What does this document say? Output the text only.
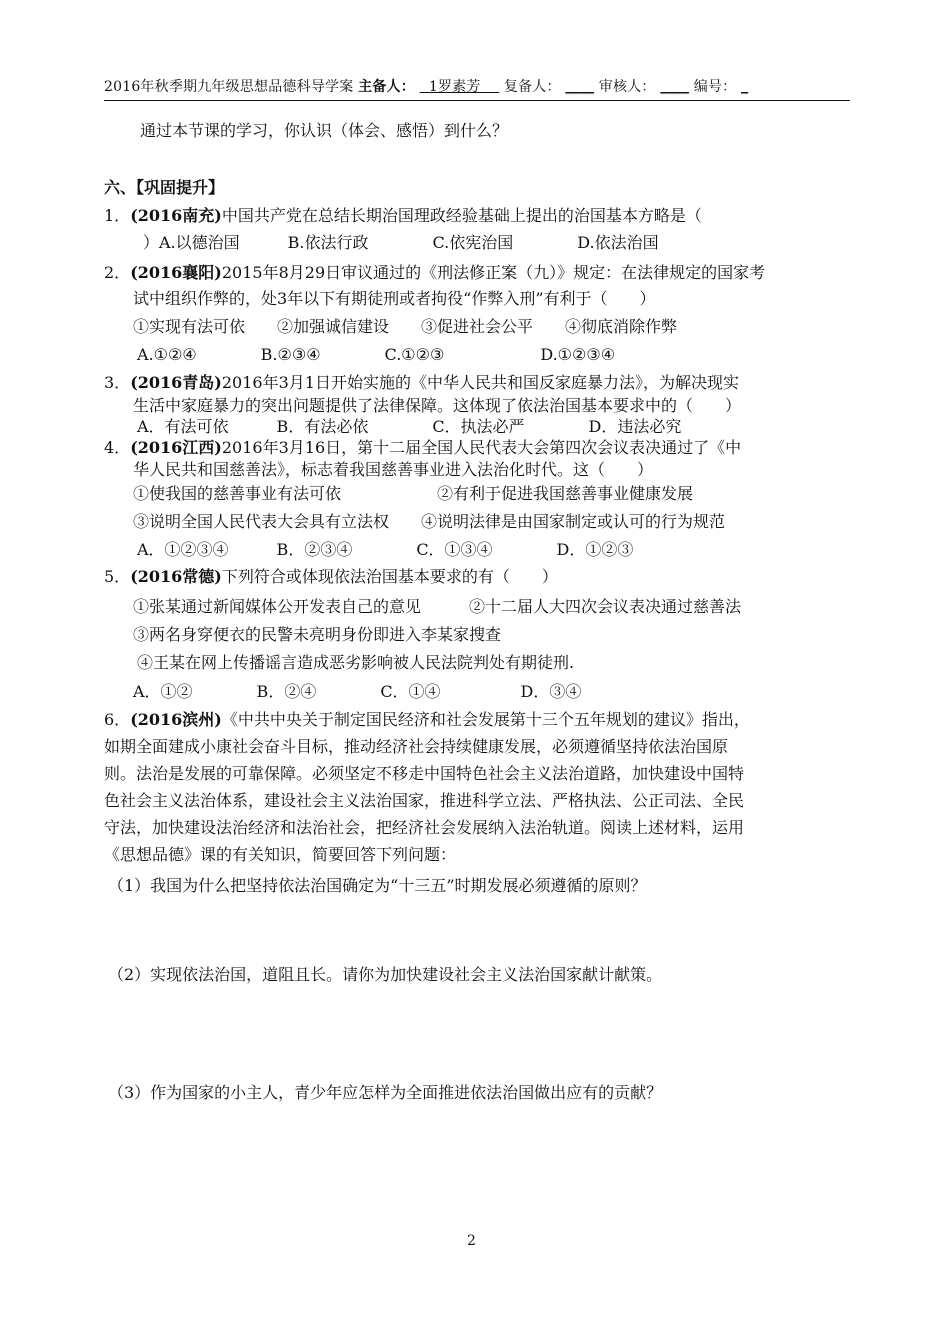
2016年秋季期九年级思想品德科导学案 主备人： 1罗素芳 复备人： ____ 审核人： ____ 编号： _
通过本节课的学习，你认识（体会、感悟）到什么？
六、【巩固提升】
1．(2016南充)中国共产党在总结长期治国理政经验基础上提出的治国基本方略是（
）A.以德治国　　　B.依法行政　　　　C.依宪治国　　　　D.依法治国
2．(2016襄阳)2015年8月29日审议通过的《刑法修正案（九）》规定：在法律规定的国家考
试中组织作弊的，处3年以下有期徒刑或者拘役“作弊入刑”有利于（　　）
①实现有法可依　　②加强诚信建设　　③促进社会公平　　④彻底消除作弊
A.①②④　　　　B.②③④　　　　C.①②③　　　　　　D.①②③④
3．(2016青岛)2016年3月1日开始实施的《中华人民共和国反家庭暴力法》，为解决现实
生活中家庭暴力的突出问题提供了法律保障。这体现了依法治国基本要求中的（　　）
A．有法可依　　　B．有法必依　　　　C．执法必严　　　　D．违法必究
4．(2016江西)2016年3月16日，第十二届全国人民代表大会第四次会议表决通过了《中
华人民共和国慈善法》，标志着我国慈善事业进入法治化时代。这（　　）
①使我国的慈善事业有法可依　　　　　　②有利于促进我国慈善事业健康发展
③说明全国人民代表大会具有立法权　　④说明法律是由国家制定或认可的行为规范
A．①②③④　　　B．②③④　　　　C．①③④　　　　D．①②③
5．(2016常德)下列符合或体现依法治国基本要求的有（　　）
①张某通过新闻媒体公开发表自己的意见　　　②十二届人大四次会议表决通过慈善法
③两名身穿便衣的民警未亮明身份即进入李某家搜查
④王某在网上传播谣言造成恶劣影响被人民法院判处有期徒刑.
A．①②　　　　B．②④　　　　C．①④　　　　　D．③④
6．(2016滨州)《中共中央关于制定国民经济和社会发展第十三个五年规划的建议》指出，
如期全面建成小康社会奋斗目标，推动经济社会持续健康发展，必须遵循坚持依法治国原
则。法治是发展的可靠保障。必须坚定不移走中国特色社会主义法治道路，加快建设中国特
色社会主义法治体系，建设社会主义法治国家，推进科学立法、严格执法、公正司法、全民
守法，加快建设法治经济和法治社会，把经济社会发展纳入法治轨道。阅读上述材料，运用
《思想品德》课的有关知识，简要回答下列问题：
（1）我国为什么把坚持依法治国确定为“十三五”时期发展必须遵循的原则？
（2）实现依法治国，道阻且长。请你为加快建设社会主义法治国家献计献策。
（3）作为国家的小主人，青少年应怎样为全面推进依法治国做出应有的贡献？
2
